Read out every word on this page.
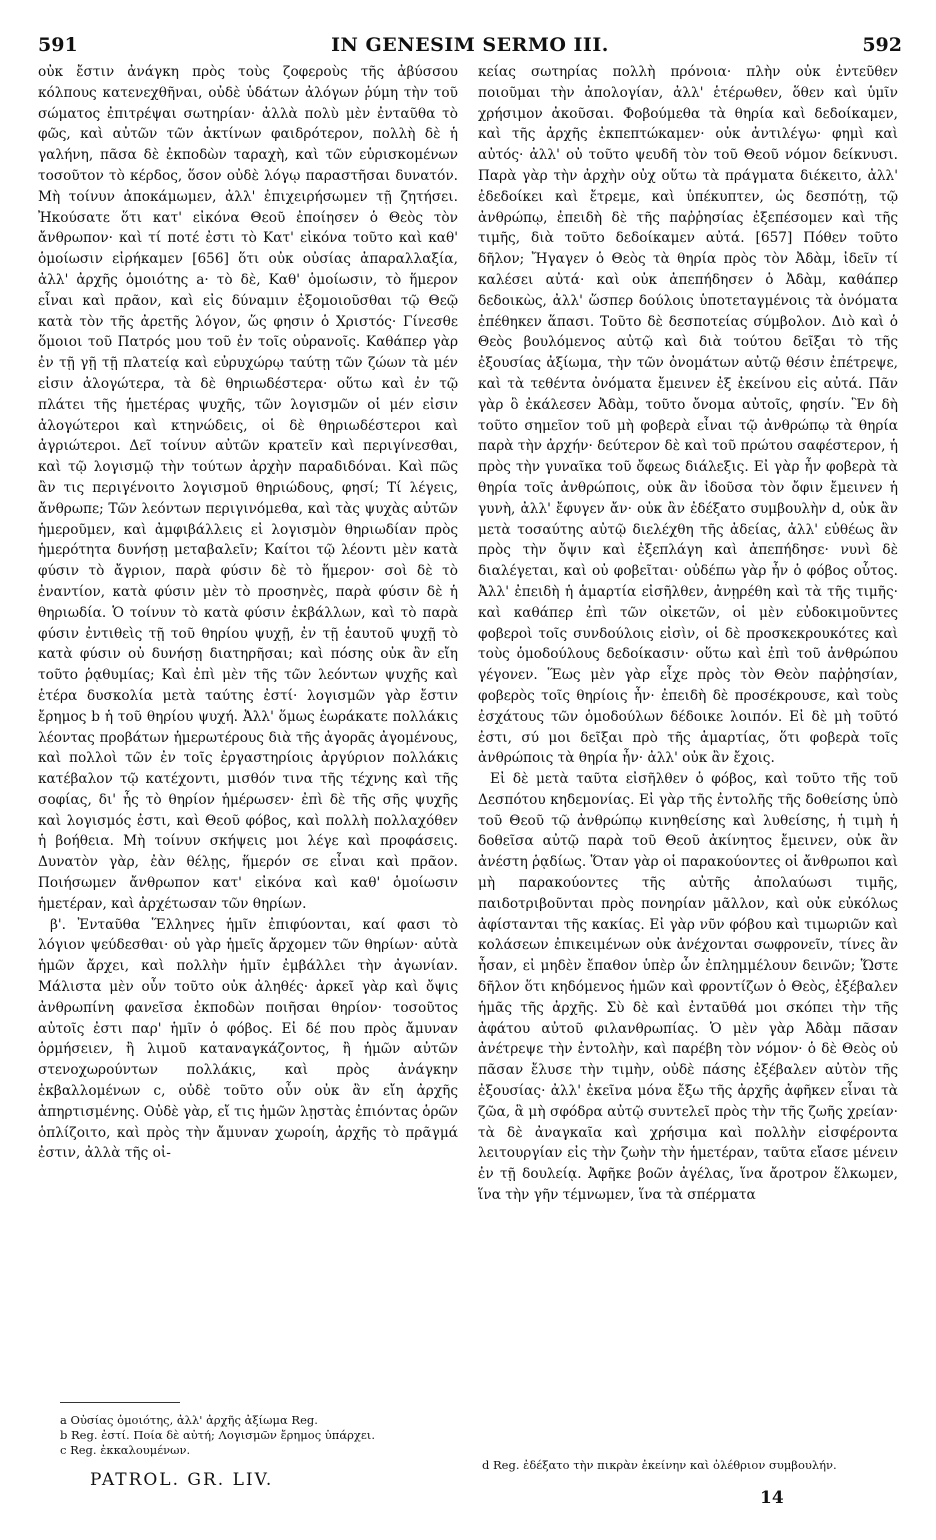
591	IN GENESIM SERMO III.	592

οὐκ ἔστιν ἀνάγκη πρὸς τοὺς ζοφεροὺς τῆς ἀβύσσου κόλπους κατενεχθῆναι, οὐδὲ ὑδάτων ἀλόγων ῥύμη τὴν τοῦ σώματος ἐπιτρέψαι σωτηρίαν· ἀλλὰ πολὺ μὲν ἐνταῦθα τὸ φῶς, καὶ αὐτῶν τῶν ἀκτίνων φαιδρότερον, πολλὴ δὲ ἡ γαλήνη, πᾶσα δὲ ἐκποδὼν ταραχὴ, καὶ τῶν εὑρισκομένων τοσοῦτον τὸ κέρδος, ὅσον οὐδὲ λόγῳ παραστῆσαι δυνατόν. Μὴ τοίνυν ἀποκάμωμεν, ἀλλ' ἐπιχειρήσωμεν τῇ ζητήσει. Ἠκούσατε ὅτι κατ' εἰκόνα Θεοῦ ἐποίησεν ὁ Θεὸς τὸν ἄνθρωπον· καὶ τί ποτέ ἐστι τὸ Κατ' εἰκόνα τοῦτο καὶ καθ' ὁμοίωσιν εἰρήκαμεν [656] ὅτι οὐκ οὐσίας ἀπαραλλαξία, ἀλλ' ἀρχῆς ὁμοιότης a· τὸ δὲ, Καθ' ὁμοίωσιν, τὸ ἥμερον εἶναι καὶ πρᾶον, καὶ εἰς δύναμιν ἐξομοιοῦσθαι τῷ Θεῷ κατὰ τὸν τῆς ἀρετῆς λόγον, ὥς φησιν ὁ Χριστός· Γίνεσθε ὅμοιοι τοῦ Πατρός μου τοῦ ἐν τοῖς οὐρανοῖς. Καθάπερ γὰρ ἐν τῇ γῇ τῇ πλατείᾳ καὶ εὐρυχώρῳ ταύτῃ τῶν ζώων τὰ μέν εἰσιν ἀλογώτερα, τὰ δὲ θηριωδέστερα· οὕτω καὶ ἐν τῷ πλάτει τῆς ἡμετέρας ψυχῆς, τῶν λογισμῶν οἱ μέν εἰσιν ἀλογώτεροι καὶ κτηνώδεις, οἱ δὲ θηριωδέστεροι καὶ ἀγριώτεροι. Δεῖ τοίνυν αὐτῶν κρατεῖν καὶ περιγίνεσθαι, καὶ τῷ λογισμῷ τὴν τούτων ἀρχὴν παραδιδόναι. Καὶ πῶς ἂν τις περιγένοιτο λογισμοῦ θηριώδους, φησί; Τί λέγεις, ἄνθρωπε; Τῶν λεόντων περιγινόμεθα, καὶ τὰς ψυχὰς αὐτῶν ἡμεροῦμεν, καὶ ἀμφιβάλλεις εἰ λογισμὸν θηριωδίαν πρὸς ἡμερότητα δυνήσῃ μεταβαλεῖν; Καίτοι τῷ λέοντι μὲν κατὰ φύσιν τὸ ἄγριον, παρὰ φύσιν δὲ τὸ ἥμερον· σοὶ δὲ τὸ ἐναντίον, κατὰ φύσιν μὲν τὸ προσηνὲς, παρὰ φύσιν δὲ ἡ θηριωδία. Ὁ τοίνυν τὸ κατὰ φύσιν ἐκβάλλων, καὶ τὸ παρὰ φύσιν ἐντιθεὶς τῇ τοῦ θηρίου ψυχῇ, ἐν τῇ ἑαυτοῦ ψυχῇ τὸ κατὰ φύσιν οὐ δυνήσῃ διατηρῆσαι; καὶ πόσης οὐκ ἂν εἴη τοῦτο ῥᾳθυμίας; Καὶ ἐπὶ μὲν τῆς τῶν λεόντων ψυχῆς καὶ ἑτέρα δυσκολία μετὰ ταύτης ἐστί· λογισμῶν γὰρ ἔστιν ἔρημος b ἡ τοῦ θηρίου ψυχή. Ἀλλ' ὅμως ἑωράκατε πολλάκις λέοντας προβάτων ἡμερωτέρους διὰ τῆς ἀγορᾶς ἀγομένους, καὶ πολλοὶ τῶν ἐν τοῖς ἐργαστηρίοις ἀργύριον πολλάκις κατέβαλον τῷ κατέχοντι, μισθόν τινα τῆς τέχνης καὶ τῆς σοφίας, δι' ἧς τὸ θηρίον ἡμέρωσεν· ἐπὶ δὲ τῆς σῆς ψυχῆς καὶ λογισμός ἐστι, καὶ Θεοῦ φόβος, καὶ πολλὴ πολλαχόθεν ἡ βοήθεια. Μὴ τοίνυν σκήψεις μοι λέγε καὶ προφάσεις. Δυνατὸν γὰρ, ἐὰν θέλῃς, ἥμερόν σε εἶναι καὶ πρᾶον. Ποιήσωμεν ἄνθρωπον κατ' εἰκόνα καὶ καθ' ὁμοίωσιν ἡμετέραν, καὶ ἀρχέτωσαν τῶν θηρίων.

β'. Ἐνταῦθα Ἕλληνες ἡμῖν ἐπιφύονται, καί φασι τὸ λόγιον ψεύδεσθαι· οὐ γὰρ ἡμεῖς ἄρχομεν τῶν θηρίων· αὐτὰ ἡμῶν ἄρχει, καὶ πολλὴν ἡμῖν ἐμβάλλει τὴν ἀγωνίαν. Μάλιστα μὲν οὖν τοῦτο οὐκ ἀληθές· ἀρκεῖ γὰρ καὶ ὄψις ἀνθρωπίνη φανεῖσα ἐκποδὼν ποιῆσαι θηρίον· τοσοῦτος αὐτοῖς ἐστι παρ' ἡμῖν ὁ φόβος. Εἰ δέ που πρὸς ἄμυναν ὁρμήσειεν, ἢ λιμοῦ καταναγκάζοντος, ἢ ἡμῶν αὐτῶν στενοχωρούντων πολλάκις, καὶ πρὸς ἀνάγκην ἐκβαλλομένων c, οὐδὲ τοῦτο οὖν οὐκ ἂν εἴη ἀρχῆς ἀπηρτισμένης. Οὐδὲ γὰρ, εἴ τις ἡμῶν λῃστὰς ἐπιόντας ὁρῶν ὁπλίζοιτο, καὶ πρὸς τὴν ἄμυναν χωροίη, ἀρχῆς τὸ πρᾶγμά ἐστιν, ἀλλὰ τῆς οἰ-

κείας σωτηρίας πολλὴ πρόνοια· πλὴν οὐκ ἐντεῦθεν ποιοῦμαι τὴν ἀπολογίαν, ἀλλ' ἑτέρωθεν, ὅθεν καὶ ὑμῖν χρήσιμον ἀκοῦσαι. Φοβούμεθα τὰ θηρία καὶ δεδοίκαμεν, καὶ τῆς ἀρχῆς ἐκπεπτώκαμεν· οὐκ ἀντιλέγω· φημὶ καὶ αὐτός· ἀλλ' οὐ τοῦτο ψευδῆ τὸν τοῦ Θεοῦ νόμον δείκνυσι. Παρὰ γὰρ τὴν ἀρχὴν οὐχ οὕτω τὰ πράγματα διέκειτο, ἀλλ' ἐδεδοίκει καὶ ἔτρεμε, καὶ ὑπέκυπτεν, ὡς δεσπότῃ, τῷ ἀνθρώπῳ, ἐπειδὴ δὲ τῆς παῤῥησίας ἐξεπέσομεν καὶ τῆς τιμῆς, διὰ τοῦτο δεδοίκαμεν αὐτά. [657] Πόθεν τοῦτο δῆλον; Ἤγαγεν ὁ Θεὸς τὰ θηρία πρὸς τὸν Ἀδὰμ, ἰδεῖν τί καλέσει αὐτά· καὶ οὐκ ἀπεπήδησεν ὁ Ἀδὰμ, καθάπερ δεδοικὼς, ἀλλ' ὥσπερ δούλοις ὑποτεταγμένοις τὰ ὀνόματα ἐπέθηκεν ἅπασι. Τοῦτο δὲ δεσποτείας σύμβολον. Διὸ καὶ ὁ Θεὸς βουλόμενος αὐτῷ καὶ διὰ τούτου δεῖξαι τὸ τῆς ἐξουσίας ἀξίωμα, τὴν τῶν ὀνομάτων αὐτῷ θέσιν ἐπέτρεψε, καὶ τὰ τεθέντα ὀνόματα ἔμεινεν ἐξ ἐκείνου εἰς αὐτά. Πᾶν γὰρ ὃ ἐκάλεσεν Ἀδὰμ, τοῦτο ὄνομα αὐτοῖς, φησίν. Ἓν δὴ τοῦτο σημεῖον τοῦ μὴ φοβερὰ εἶναι τῷ ἀνθρώπῳ τὰ θηρία παρὰ τὴν ἀρχήν· δεύτερον δὲ καὶ τοῦ πρώτου σαφέστερον, ἡ πρὸς τὴν γυναῖκα τοῦ ὄφεως διάλεξις. Εἰ γὰρ ἦν φοβερὰ τὰ θηρία τοῖς ἀνθρώποις, οὐκ ἂν ἰδοῦσα τὸν ὄφιν ἔμεινεν ἡ γυνὴ, ἀλλ' ἔφυγεν ἄν· οὐκ ἂν ἐδέξατο συμβουλὴν d, οὐκ ἂν μετὰ τοσαύτης αὐτῷ διελέχθη τῆς ἀδείας, ἀλλ' εὐθέως ἂν πρὸς τὴν ὄψιν καὶ ἐξεπλάγη καὶ ἀπεπήδησε· νυνὶ δὲ διαλέγεται, καὶ οὐ φοβεῖται· οὐδέπω γὰρ ἦν ὁ φόβος οὗτος. Ἀλλ' ἐπειδὴ ἡ ἁμαρτία εἰσῆλθεν, ἀνῃρέθη καὶ τὰ τῆς τιμῆς· καὶ καθάπερ ἐπὶ τῶν οἰκετῶν, οἱ μὲν εὐδοκιμοῦντες φοβεροὶ τοῖς συνδούλοις εἰσὶν, οἱ δὲ προσκεκρουκότες καὶ τοὺς ὁμοδούλους δεδοίκασιν· οὕτω καὶ ἐπὶ τοῦ ἀνθρώπου γέγονεν. Ἕως μὲν γὰρ εἶχε πρὸς τὸν Θεὸν παῤῥησίαν, φοβερὸς τοῖς θηρίοις ἦν· ἐπειδὴ δὲ προσέκρουσε, καὶ τοὺς ἐσχάτους τῶν ὁμοδούλων δέδοικε λοιπόν. Εἰ δὲ μὴ τοῦτό ἐστι, σύ μοι δεῖξαι πρὸ τῆς ἁμαρτίας, ὅτι φοβερὰ τοῖς ἀνθρώποις τὰ θηρία ἦν· ἀλλ' οὐκ ἂν ἔχοις.

Εἰ δὲ μετὰ ταῦτα εἰσῆλθεν ὁ φόβος, καὶ τοῦτο τῆς τοῦ Δεσπότου κηδεμονίας. Εἰ γὰρ τῆς ἐντολῆς τῆς δοθείσης ὑπὸ τοῦ Θεοῦ τῷ ἀνθρώπῳ κινηθείσης καὶ λυθείσης, ἡ τιμὴ ἡ δοθεῖσα αὐτῷ παρὰ τοῦ Θεοῦ ἀκίνητος ἔμεινεν, οὐκ ἂν ἀνέστη ῥᾳδίως. Ὅταν γὰρ οἱ παρακούοντες οἱ ἄνθρωποι καὶ μὴ παρακούοντες τῆς αὐτῆς ἀπολαύωσι τιμῆς, παιδοτριβοῦνται πρὸς πονηρίαν μᾶλλον, καὶ οὐκ εὐκόλως ἀφίστανται τῆς κακίας. Εἰ γὰρ νῦν φόβου καὶ τιμωριῶν καὶ κολάσεων ἐπικειμένων οὐκ ἀνέχονται σωφρονεῖν, τίνες ἂν ἦσαν, εἰ μηδὲν ἔπαθον ὑπὲρ ὧν ἐπλημμέλουν δεινῶν; Ὥστε δῆλον ὅτι κηδόμενος ἡμῶν καὶ φροντίζων ὁ Θεὸς, ἐξέβαλεν ἡμᾶς τῆς ἀρχῆς. Σὺ δὲ καὶ ἐνταῦθά μοι σκόπει τὴν τῆς ἀφάτου αὐτοῦ φιλανθρωπίας. Ὁ μὲν γὰρ Ἀδὰμ πᾶσαν ἀνέτρεψε τὴν ἐντολὴν, καὶ παρέβη τὸν νόμον· ὁ δὲ Θεὸς οὐ πᾶσαν ἔλυσε τὴν τιμὴν, οὐδὲ πάσης ἐξέβαλεν αὐτὸν τῆς ἐξουσίας· ἀλλ' ἐκεῖνα μόνα ἔξω τῆς ἀρχῆς ἀφῆκεν εἶναι τὰ ζῶα, ἃ μὴ σφόδρα αὐτῷ συντελεῖ πρὸς τὴν τῆς ζωῆς χρείαν· τὰ δὲ ἀναγκαῖα καὶ χρήσιμα καὶ πολλὴν εἰσφέροντα λειτουργίαν εἰς τὴν ζωὴν τὴν ἡμετέραν, ταῦτα εἴασε μένειν ἐν τῇ δουλείᾳ. Ἀφῆκε βοῶν ἀγέλας, ἵνα ἄροτρον ἕλκωμεν, ἵνα τὴν γῆν τέμνωμεν, ἵνα τὰ σπέρματα

a Οὐσίας ὁμοιότης, ἀλλ' ἀρχῆς ἀξίωμα Reg.
b Reg. ἐστί. Ποία δὲ αὐτή; Λογισμῶν ἔρημος ὑπάρχει.
c Reg. ἐκκαλουμένων.
PATROL. GR. LIV.
d Reg. ἐδέξατο τὴν πικρὰν ἐκείνην καὶ ὀλέθριον συμβουλήν.
14
